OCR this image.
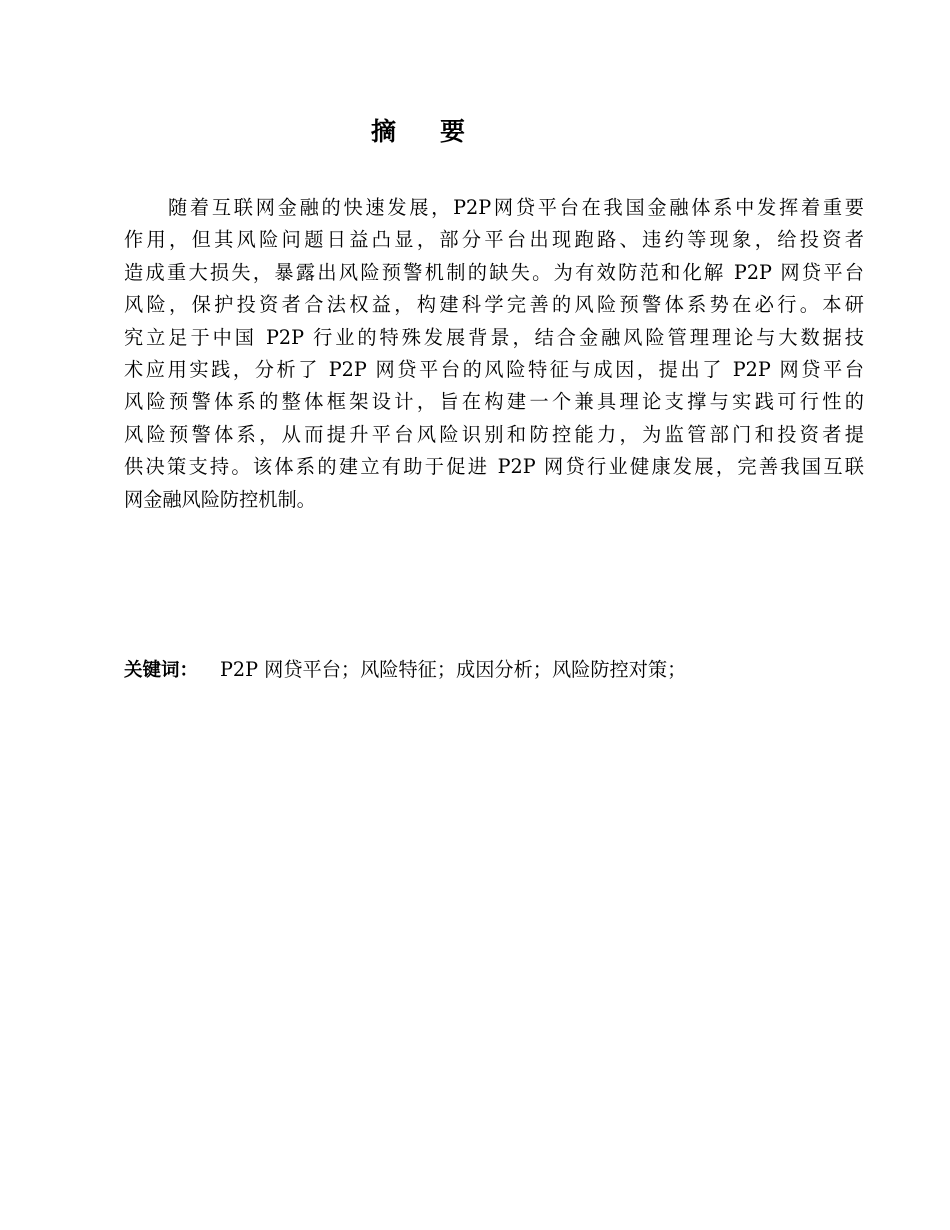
摘 要
随着互联网金融的快速发展，P2P网贷平台在我国金融体系中发挥着重要
作用，但其风险问题日益凸显，部分平台出现跑路、违约等现象，给投资者
造成重大损失，暴露出风险预警机制的缺失。为有效防范和化解 P2P 网贷平台
风险，保护投资者合法权益，构建科学完善的风险预警体系势在必行。本研
究立足于中国 P2P 行业的特殊发展背景，结合金融风险管理理论与大数据技
术应用实践，分析了 P2P 网贷平台的风险特征与成因，提出了 P2P 网贷平台
风险预警体系的整体框架设计，旨在构建一个兼具理论支撑与实践可行性的
风险预警体系，从而提升平台风险识别和防控能力，为监管部门和投资者提
供决策支持。该体系的建立有助于促进 P2P 网贷行业健康发展，完善我国互联
网金融风险防控机制。
关键词： P2P 网贷平台；风险特征；成因分析；风险防控对策；
